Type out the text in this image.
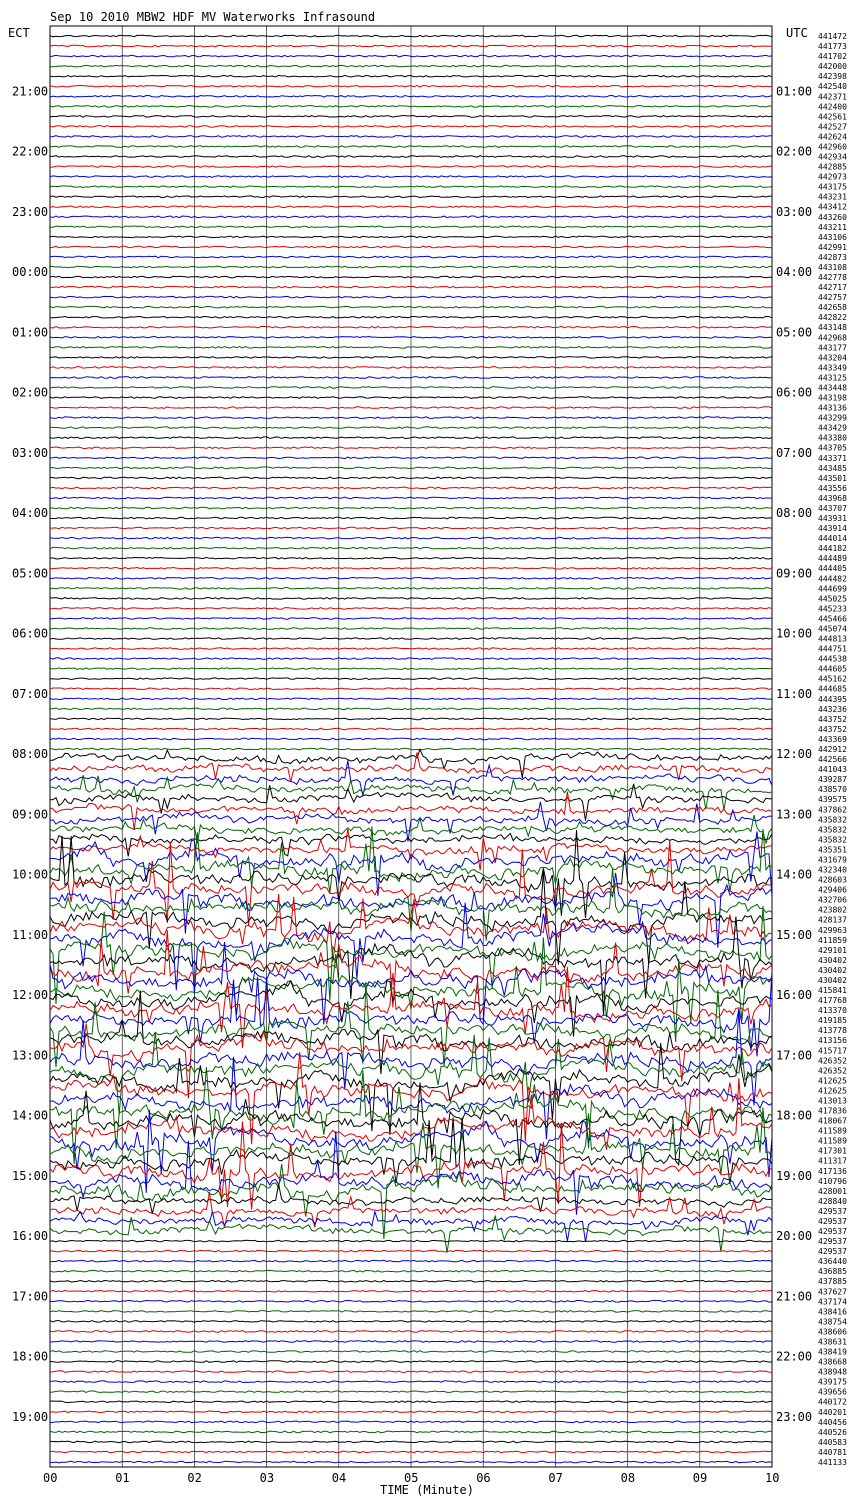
Sep 10 2010 MBW2 HDF MV Waterworks Infrasound
ECT	UTC
21:00
22:00
23:00
00:00
01:00
02:00
03:00
04:00
05:00
06:00
07:00
08:00
09:00
10:00
11:00
12:00
13:00
14:00
15:00
16:00
17:00
18:00
19:00
01:00
02:00
03:00
04:00
05:00
06:00
07:00
08:00
09:00
10:00
11:00
12:00
13:00
14:00
15:00
16:00
17:00
18:00
19:00
20:00
21:00
22:00
23:00
441472
441773
441702
442000
442398
442540
442371
442400
442561
442527
442624
442960
442934
442885
442973
443175
443231
443412
443260
443211
443106
442991
442873
443108
442778
442717
442757
442658
442822
443148
442968
443177
443204
443349
443125
443448
443198
443136
443299
443429
443380
443705
443371
443485
443501
443556
443968
443707
443931
443914
444014
444182
444489
444405
444482
444699
445025
445233
445466
445074
444813
444751
444538
444605
445162
444685
444395
443236
443752
443752
443369
442912
442566
441043
439287
438570
439575
437862
435832
435832
435832
435351
431679
432340
428603
429406
432706
423802
428137
429963
411859
429101
430402
430402
430402
415841
417768
413370
419185
413778
413156
415717
426352
426352
412625
412625
413013
417836
418067
411589
411589
417301
411317
417136
410796
428001
428840
429537
429537
429537
429537
429537
436440
436885
437885
437627
437174
438416
438754
438606
438631
438419
438668
438948
439175
439656
440172
440201
440456
440526
440583
440781
441133
00	01	02	03	04	05	06	07	08	09	10
TIME (Minute)
